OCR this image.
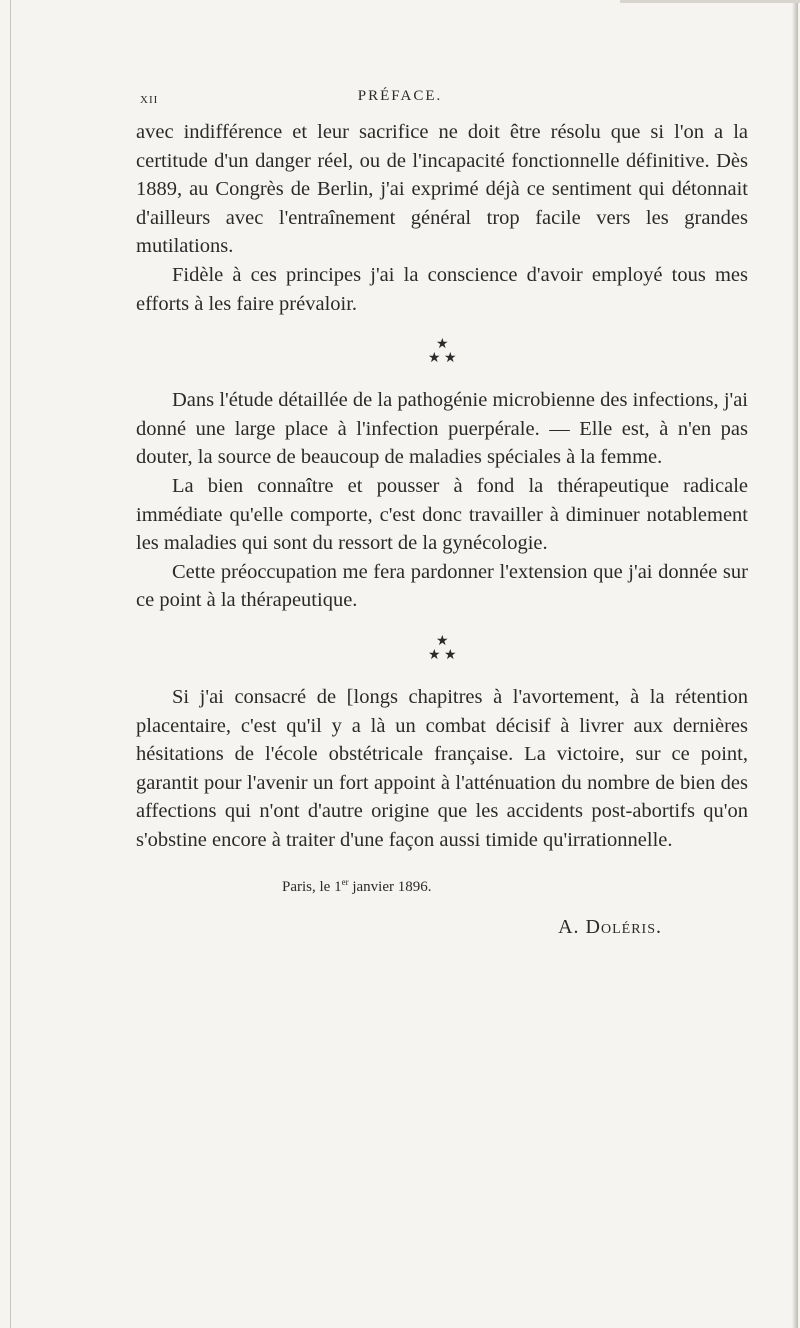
XII	PRÉFACE.

avec indifférence et leur sacrifice ne doit être résolu que si l'on a la certitude d'un danger réel, ou de l'incapacité fonctionnelle définitive. Dès 1889, au Congrès de Berlin, j'ai exprimé déjà ce sentiment qui détonnait d'ailleurs avec l'entraînement général trop facile vers les grandes mutilations.

Fidèle à ces principes j'ai la conscience d'avoir employé tous mes efforts à les faire prévaloir.

★
★ ★

Dans l'étude détaillée de la pathogénie microbienne des infections, j'ai donné une large place à l'infection puerpérale. — Elle est, à n'en pas douter, la source de beaucoup de maladies spéciales à la femme.

La bien connaître et pousser à fond la thérapeutique radicale immédiate qu'elle comporte, c'est donc travailler à diminuer notablement les maladies qui sont du ressort de la gynécologie.

Cette préoccupation me fera pardonner l'extension que j'ai donnée sur ce point à la thérapeutique.

★
★ ★

Si j'ai consacré de [longs chapitres à l'avortement, à la rétention placentaire, c'est qu'il y a là un combat décisif à livrer aux dernières hésitations de l'école obstétricale française. La victoire, sur ce point, garantit pour l'avenir un fort appoint à l'atténuation du nombre de bien des affections qui n'ont d'autre origine que les accidents post-abortifs qu'on s'obstine encore à traiter d'une façon aussi timide qu'irrationnelle.

Paris, le 1er janvier 1896.
A. Doléris.
